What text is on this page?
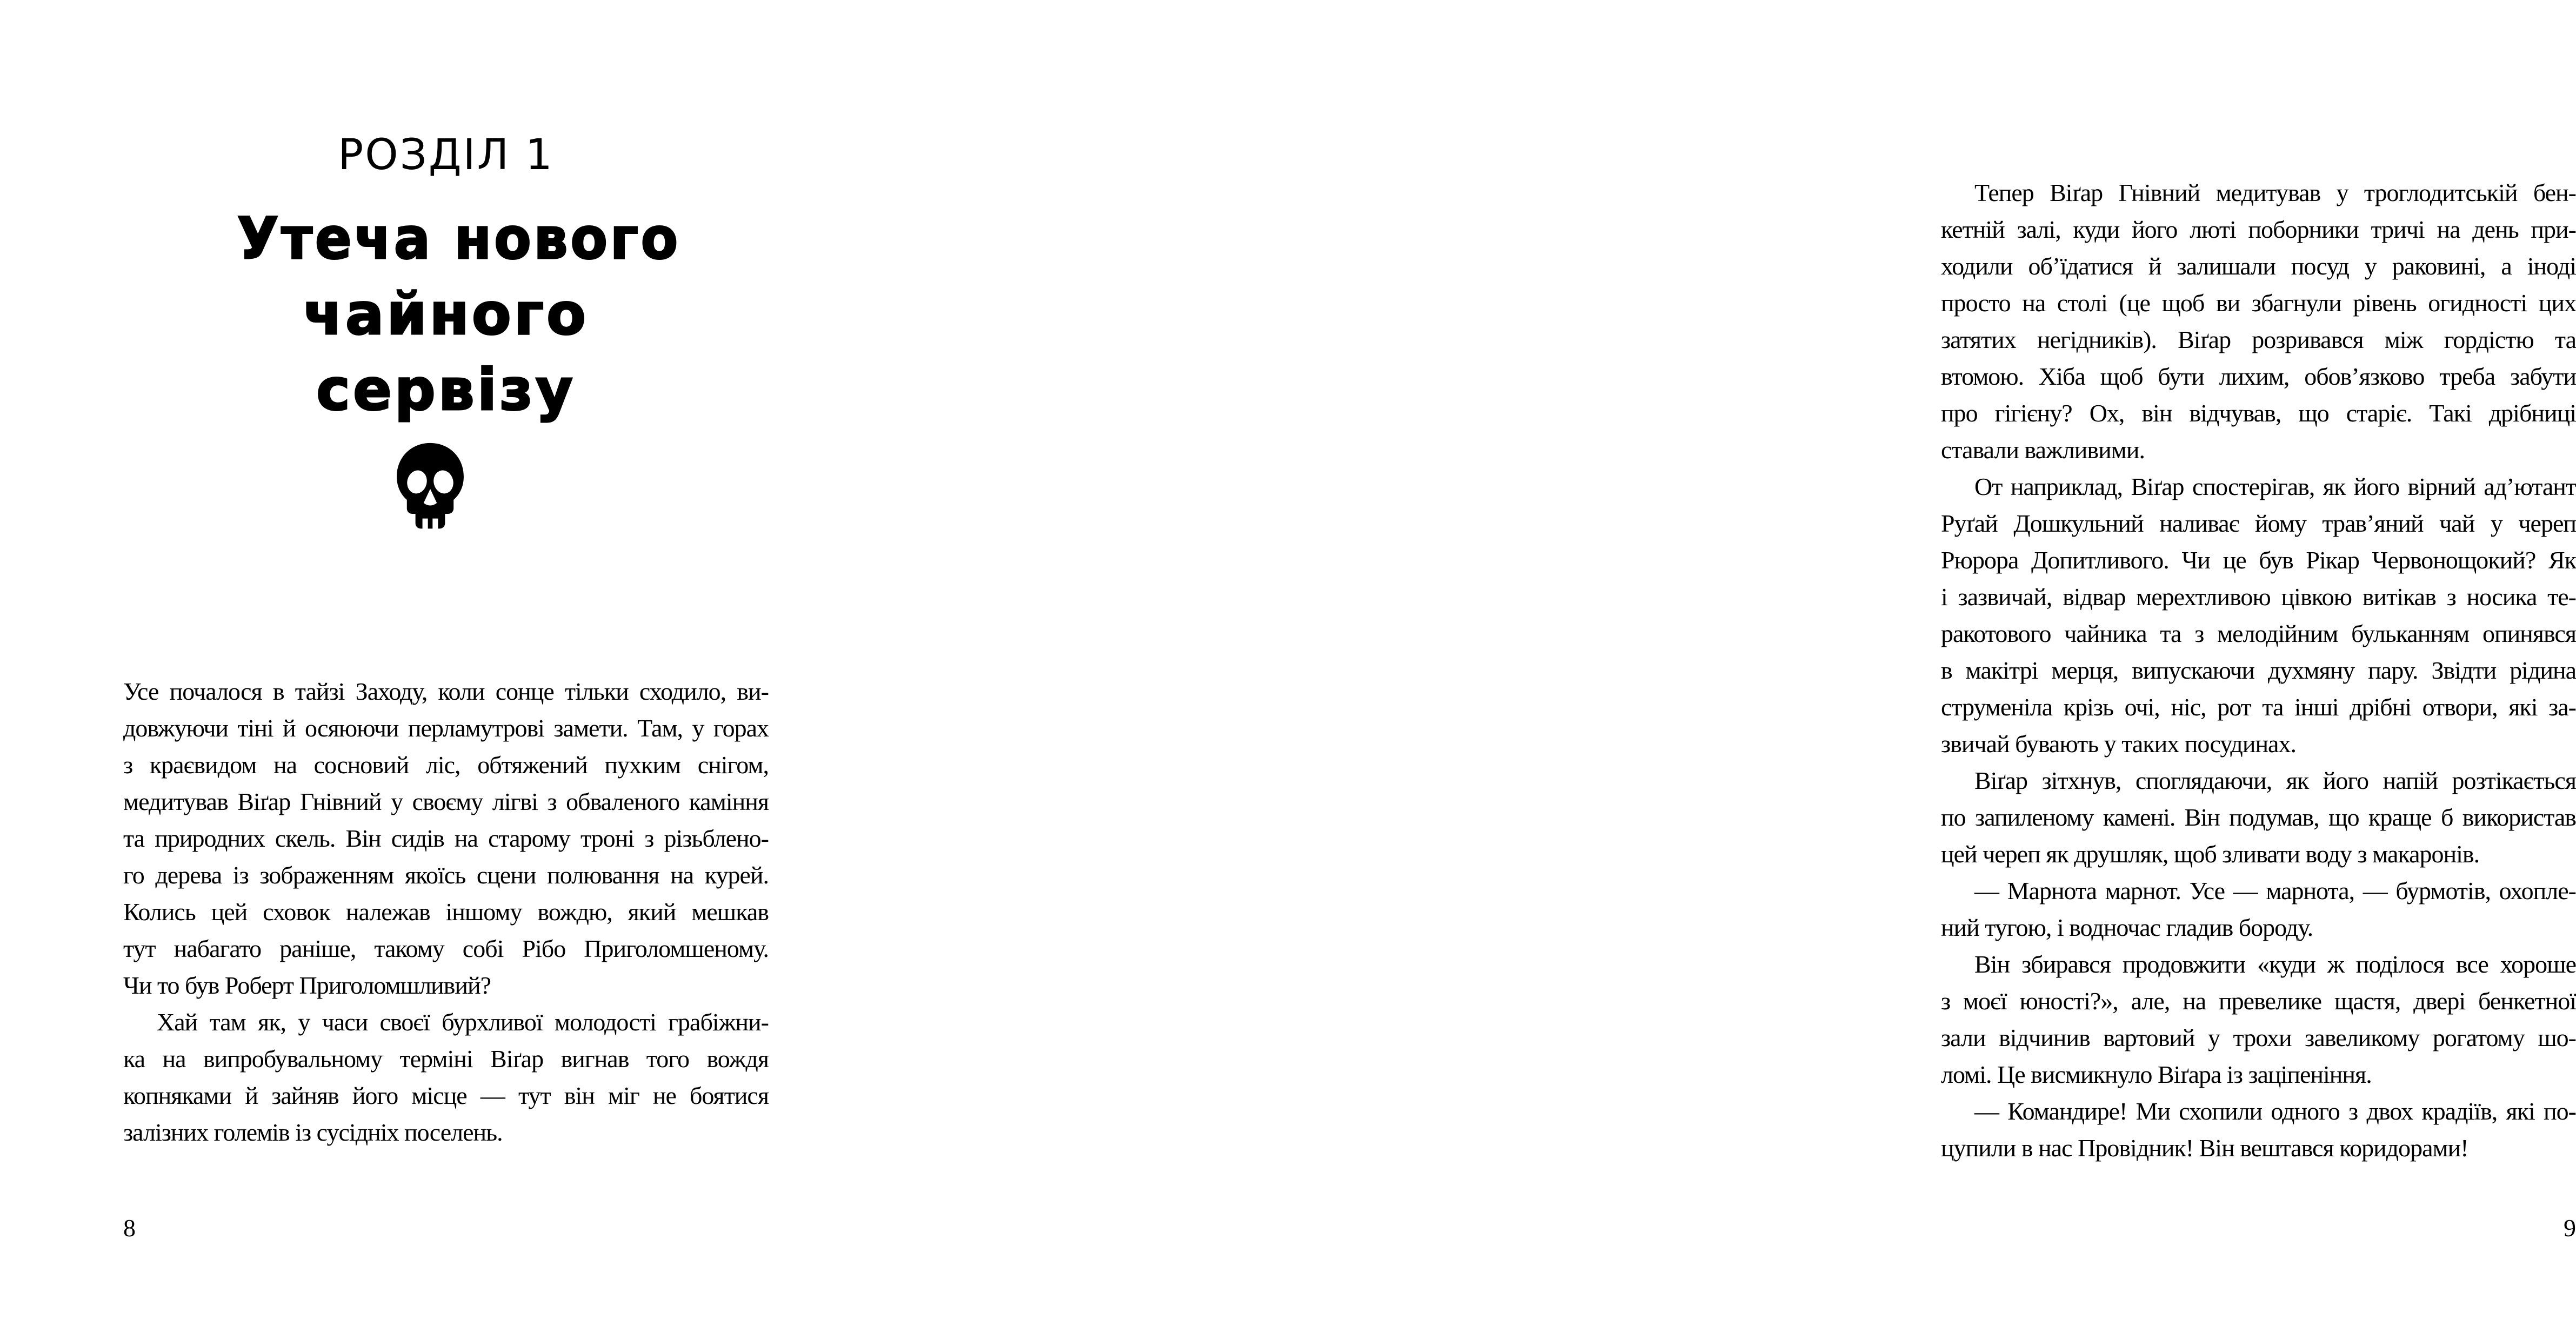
РОЗДІЛ 1
Утеча нового
чайного
сервізу
Усе почалося в тайзі Заходу, коли сонце тільки сходило, ви-
довжуючи тіні й осяюючи перламутрові замети. Там, у горах
з краєвидом на сосновий ліс, обтяжений пухким снігом,
медитував Віґар Гнівний у своєму лігві з обваленого каміння
та природних скель. Він сидів на старому троні з різьблено-
го дерева із зображенням якоїсь сцени полювання на курей.
Колись цей сховок належав іншому вождю, який мешкав
тут набагато раніше, такому собі Рібо Приголомшеному.
Чи то був Роберт Приголомшливий?
Хай там як, у часи своєї бурхливої молодості грабіжни-
ка на випробувальному терміні Віґар вигнав того вождя
копняками й зайняв його місце — тут він міг не боятися
залізних големів із сусідніх поселень.
8
Тепер Віґар Гнівний медитував у троглодитській бен-
кетній залі, куди його люті поборники тричі на день при-
ходили об’їдатися й залишали посуд у раковині, а іноді
просто на столі (це щоб ви збагнули рівень огидності цих
затятих негідників). Віґар розривався між гордістю та
втомою. Хіба щоб бути лихим, обов’язково треба забути
про гігієну? Ох, він відчував, що старіє. Такі дрібниці
ставали важливими.
От наприклад, Віґар спостерігав, як його вірний ад’ютант
Руґай Дошкульний наливає йому трав’яний чай у череп
Рюрора Допитливого. Чи це був Рікар Червонощокий? Як
і зазвичай, відвар мерехтливою цівкою витікав з носика те-
ракотового чайника та з мелодійним бульканням опинявся
в макітрі мерця, випускаючи духмяну пару. Звідти рідина
струменіла крізь очі, ніс, рот та інші дрібні отвори, які за-
звичай бувають у таких посудинах.
Віґар зітхнув, споглядаючи, як його напій розтікається
по запиленому камені. Він подумав, що краще б використав
цей череп як друшляк, щоб зливати воду з макаронів.
— Марнота марнот. Усе — марнота, — бурмотів, охопле-
ний тугою, і водночас гладив бороду.
Він збирався продовжити «куди ж поділося все хороше
з моєї юності?», але, на превелике щастя, двері бенкетної
зали відчинив вартовий у трохи завеликому рогатому шо-
ломі. Це висмикнуло Віґара із заціпеніння.
— Командире! Ми схопили одного з двох крадіїв, які по-
цупили в нас Провідник! Він вештався коридорами!
9
